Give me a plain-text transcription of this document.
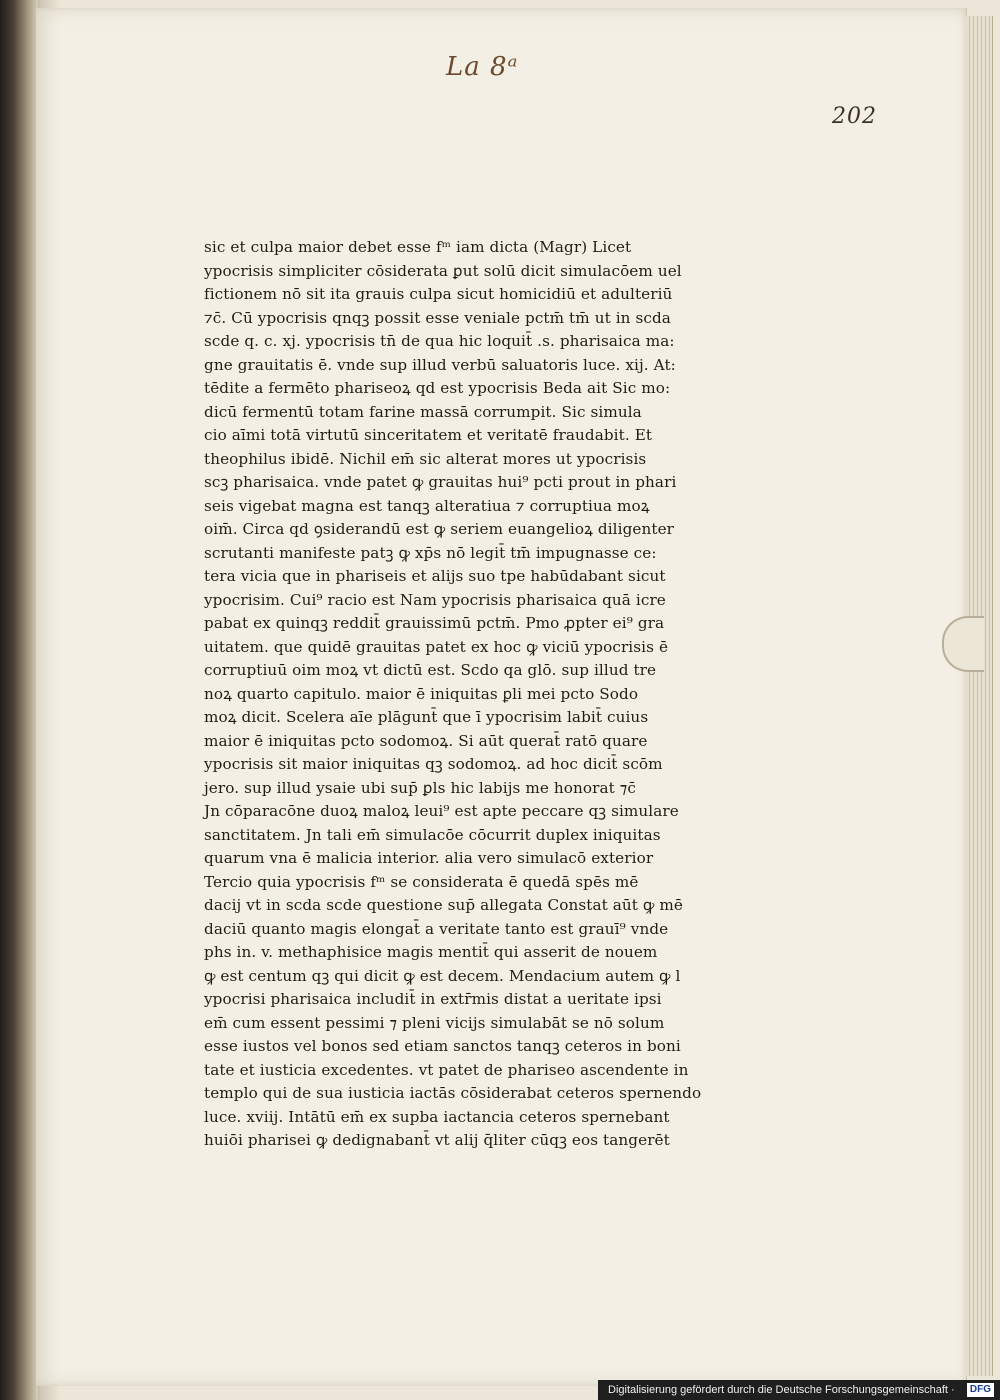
La 8ᵃ
202
sic et culpa maior debet esse fᵐ iam dicta (Magr) Licet
ypocrisis simpliciter cōsiderata ꝑut solū dicit simulacōem uel
fictionem nō sit ita grauis culpa sicut homicidiū et adulteriū
⁊c̄. Cū ypocrisis qnqꝫ possit esse veniale pctm̄ tm̄ ut in scda
scde q. c. xj. ypocrisis tn̄ de qua hic loquit̄ .s. pharisaica ma:
gne grauitatis ē. vnde sup illud verbū saluatoris luce. xij. At:
tēdite a fermēto phariseoꝝ qd est ypocrisis Beda ait Sic mo:
dicū fermentū totam farine massā corrumpit. Sic simula
cio aīmi totā virtutū sinceritatem et veritatē fraudabit. Et
theophilus ibidē. Nichil em̄ sic alterat mores ut ypocrisis
scꝫ pharisaica. vnde patet ꝙ grauitas hui⁹ pcti prout in phari
seis vigebat magna est tanqꝫ alteratiua ⁊ corruptiua moꝝ
oim̄. Circa qd ꝯsiderandū est ꝙ seriem euangelioꝝ diligenter
scrutanti manifeste patꝫ ꝙ xp̄s nō legit̄ tm̄ impugnasse ce:
tera vicia que in phariseis et alijs suo tpe habūdabant sicut
ypocrisim. Cui⁹ racio est Nam ypocrisis pharisaica quā icre
pabat ex quinqꝫ reddit̄ grauissimū pctm̄. Pmo ꝓpter ei⁹ gra
uitatem. que quidē grauitas patet ex hoc ꝙ viciū ypocrisis ē
corruptiuū oim moꝝ vt dictū est. Scdo qa glō. sup illud tre
noꝝ quarto capitulo. maior ē iniquitas ꝑli mei pcto Sodo
moꝝ dicit. Scelera aīe plāgunt̄ que ī ypocrisim labit̄ cuius
maior ē iniquitas pcto sodomoꝝ. Si aūt querat̄ ratō quare
ypocrisis sit maior iniquitas qꝫ sodomoꝝ. ad hoc dicit̄ scōm
jero. sup illud ysaie ubi sup̄ ꝑls hic labijs me honorat ⁊c̄
Jn cōparacōne duoꝝ maloꝝ leui⁹ est apte peccare qꝫ simulare
sanctitatem. Jn tali em̄ simulacōe cōcurrit duplex iniquitas
quarum vna ē malicia interior. alia vero simulacō exterior
Tercio quia ypocrisis fᵐ se considerata ē quedā spēs mē
dacij vt in scda scde questione sup̄ allegata Constat aūt ꝙ mē
daciū quanto magis elongat̄ a veritate tanto est grauī⁹ vnde
phs in. v. methaphisice magis mentit̄ qui asserit de nouem
ꝙ est centum qꝫ qui dicit ꝙ est decem. Mendacium autem ꝙ l
ypocrisi pharisaica includit̄ in extr̄mis distat a ueritate ipsi
em̄ cum essent pessimi ⁊ pleni vicijs simulabāt se nō solum
esse iustos vel bonos sed etiam sanctos tanqꝫ ceteros in boni
tate et iusticia excedentes. vt patet de phariseo ascendente in
templo qui de sua iusticia iactās cōsiderabat ceteros spernendo
luce. xviij. Intātū em̄ ex supba iactancia ceteros spernebant
huiōi pharisei ꝙ dedignabant̄ vt alij q̄liter cūqꝫ eos tangerēt
Digitalisierung gefördert durch die Deutsche Forschungsgemeinschaft ·	DFG
